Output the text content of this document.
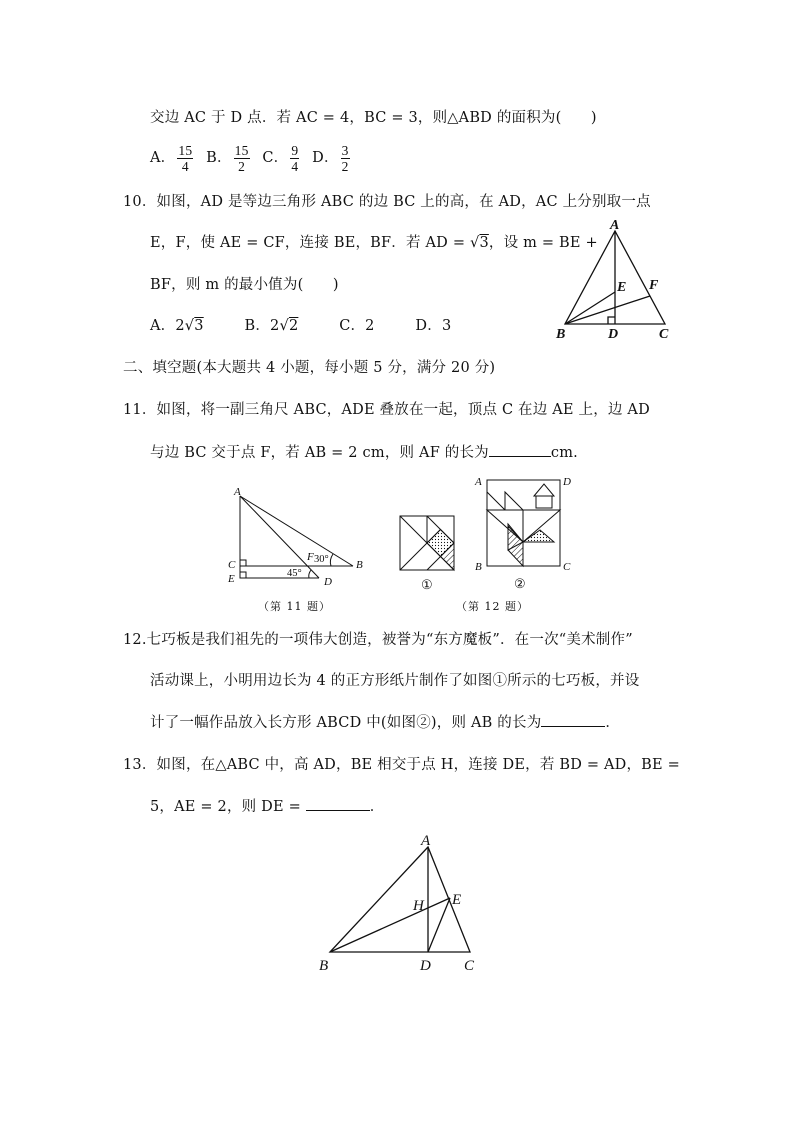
交边 AC 于 D 点．若 AC = 4，BC = 3，则△ABD 的面积为(　　)
A． $\frac{15}{4}$ B． $\frac{15}{2}$ C． $\frac{9}{4}$ D． $\frac{3}{2}$
10．如图，AD 是等边三角形 ABC 的边 BC 上的高，在 AD，AC 上分别取一点
E，F，使 AE = CF，连接 BE，BF．若 AD = √3，设 m = BE +
BF，则 m 的最小值为(　　)
A．2√3	B．2√2	C．2	D．3
A
B	C
D
E F
二、填空题(本大题共 4 小题，每小题 5 分，满分 20 分)
11．如图，将一副三角尺 ABC，ADE 叠放在一起，顶点 C 在边 AE 上，边 AD
与边 BC 交于点 F，若 AB = 2 cm，则 AF 的长为	cm.
A
C
E
B
D
F 30°
45°
（第 11 题）
①
A	D
B	C
②
（第 12 题）
12.七巧板是我们祖先的一项伟大创造，被誉为“东方魔板”．在一次“美术制作”
活动课上，小明用边长为 4 的正方形纸片制作了如图①所示的七巧板，并设
计了一幅作品放入长方形 ABCD 中(如图②)，则 AB 的长为	．
13．如图，在△ABC 中，高 AD，BE 相交于点 H，连接 DE，若 BD = AD，BE =
5，AE = 2，则 DE =	．
A
B	D C
E
H
